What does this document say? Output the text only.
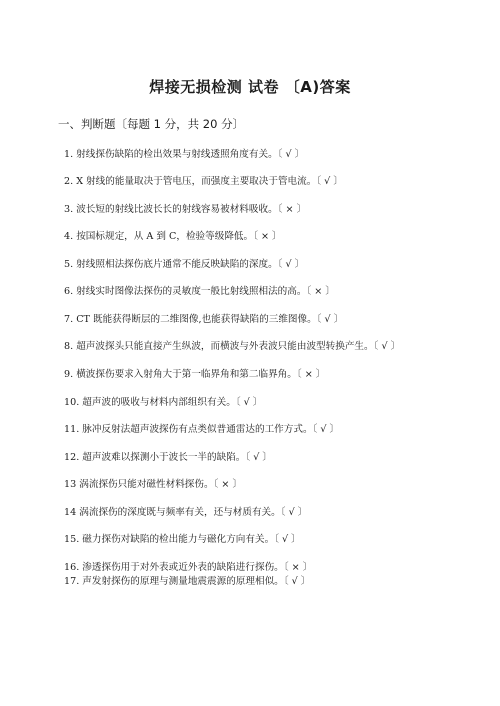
焊接无损检测 试卷 〔A)答案
一、判断题〔每题 1 分，共 20 分〕
1. 射线探伤缺陷的检出效果与射线透照角度有关。〔 √ 〕
2. X 射线的能量取决于管电压，而强度主要取决于管电流。〔 √ 〕
3. 波长短的射线比波长长的射线容易被材料吸收。〔 × 〕
4. 按国标规定，从 A 到 C，检验等级降低。〔 × 〕
5. 射线照相法探伤底片通常不能反映缺陷的深度。〔 √ 〕
6. 射线实时图像法探伤的灵敏度一般比射线照相法的高。〔 × 〕
7. CT 既能获得断层的二维图像,也能获得缺陷的三维图像。〔 √ 〕
8. 超声波探头只能直接产生纵波，而横波与外表波只能由波型转换产生。〔 √ 〕
9. 横波探伤要求入射角大于第一临界角和第二临界角。〔 × 〕
10. 超声波的吸收与材料内部组织有关。〔 √ 〕
11. 脉冲反射法超声波探伤有点类似普通雷达的工作方式。〔 √ 〕
12. 超声波难以探测小于波长一半的缺陷。〔 √ 〕
13 涡流探伤只能对磁性材料探伤。〔 × 〕
14 涡流探伤的深度既与频率有关，还与材质有关。〔 √ 〕
15. 磁力探伤对缺陷的检出能力与磁化方向有关。〔 √ 〕
16. 渗透探伤用于对外表或近外表的缺陷进行探伤。〔 × 〕
17. 声发射探伤的原理与测量地震震源的原理相似。〔 √ 〕
